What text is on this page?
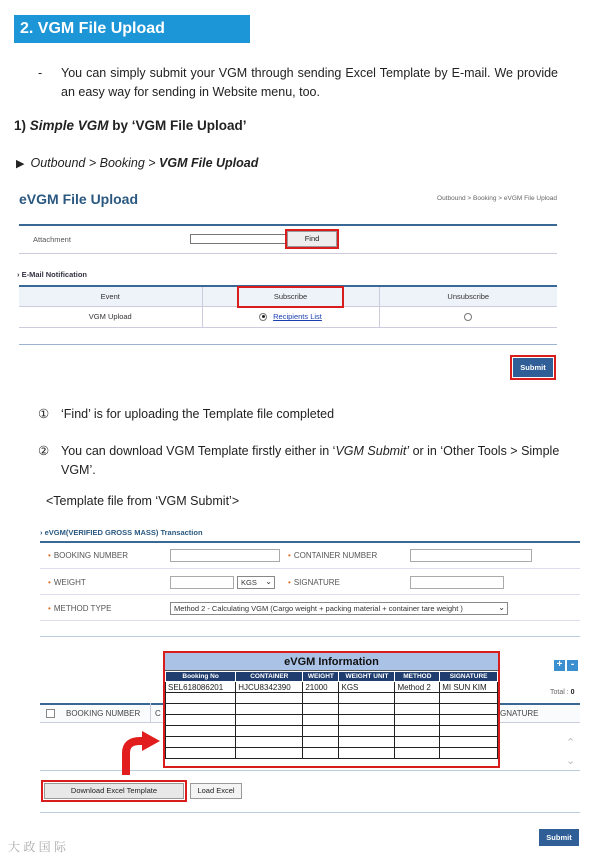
2. VGM File Upload
- You can simply submit your VGM through sending Excel Template by E-mail. We provide an easy way for sending in Website menu, too.
1) Simple VGM by ‘VGM File Upload’
▶ Outbound > Booking > VGM File Upload
eVGM File Upload	Outbound > Booking > eVGM File Upload
Attachment	Find
› E-Mail Notification
Event	Subscribe	Unsubscribe
VGM Upload	Recipients List	
Submit
① ‘Find’ is for uploading the Template file completed
② You can download VGM Template firstly either in ‘VGM Submit’ or in ‘Other Tools > Simple VGM’.
<Template file from ‘VGM Submit’>
› eVGM(VERIFIED GROSS MASS) Transaction
• BOOKING NUMBER	• CONTAINER NUMBER
• WEIGHT	KGS ⌄ • SIGNATURE
• METHOD TYPE	Method 2 - Calculating VGM (Cargo weight + packing material + container tare weight )	⌄
+ -
Total : 0
BOOKING NUMBER C	GNATURE
⌃
⌄
Download Excel Template	Load Excel
Submit
eVGM Information
Booking No	CONTAINER	WEIGHT	WEIGHT UNIT	METHOD	SIGNATURE
SEL618086201	HJCU8342390	21000	KGS	Method 2	MI SUN KIM

大 政 国 际
